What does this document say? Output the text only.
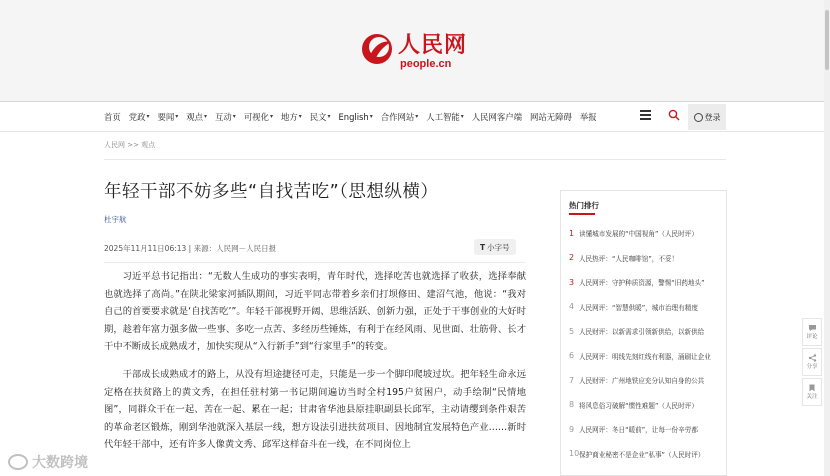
人民网
people.cn
首页 党政 ▾ 要闻 ▾ 观点 ▾ 互动 ▾ 可视化 ▾ 地方 ▾ 民文 ▾ English ▾ 合作网站 ▾ 人工智能 ▾ 人民网客户端 网站无障碍 举报	登录
人民网 >> 观点
年轻干部不妨多些“自找苦吃”（思想纵横）
杜宇航
2025年11月11日06:13 | 来源：人民网－人民日报	T 小字号

习近平总书记指出：“无数人生成功的事实表明，青年时代，选择吃苦也就选择了收获，选择奉献也就选择了高尚。”在陕北梁家河插队期间，习近平同志带着乡亲们打坝修田、建沼气池，他说：“我对自己的首要要求就是‘自找苦吃’”。年轻干部视野开阔、思维活跃、创新力强，正处于干事创业的大好时期，趁着年富力强多做一些事、多吃一点苦、多经历些锤炼，有利于在经风雨、见世面、壮筋骨、长才干中不断成长成熟成才，加快实现从“入行新手”到“行家里手”的转变。

干部成长成熟成才的路上，从没有坦途捷径可走，只能是一步一个脚印爬坡过坎。把年轻生命永远定格在扶贫路上的黄文秀，在担任驻村第一书记期间遍访当时全村195户贫困户，动手绘制“民情地图”，同群众干在一起、苦在一起、累在一起；甘肃省华池县原挂职副县长邱军，主动请缨到条件艰苦的革命老区锻炼，刚到华池就深入基层一线，想方设法引进扶贫项目、因地制宜发展特色产业……新时代年轻干部中，还有许多人像黄文秀、邱军这样奋斗在一线，在不同岗位上

热门排行
1 读懂城市发展的“中国视角”（人民时评）
2 人民热评：“人民咖啡馆”，不妥！
3 人民网评：守护种质资源，警惕“旧药地头”
4 人民网评：“智慧供暖”，城市治理有精度
5 人民财评：以新需求引领新供给，以新供给
6 人民网评：明线先刻红线有利器，涌刷让企业
7 人民财评：广州地铁应充分认知自身的公共
8 将风息俗习破解“惯性难题”（人民时评）
9 人民网评：冬日“暖前”，让每一份辛劳都
10 保护商业秘密不是企业“私事”（人民时评）
评论
分享
关注
大数跨境
